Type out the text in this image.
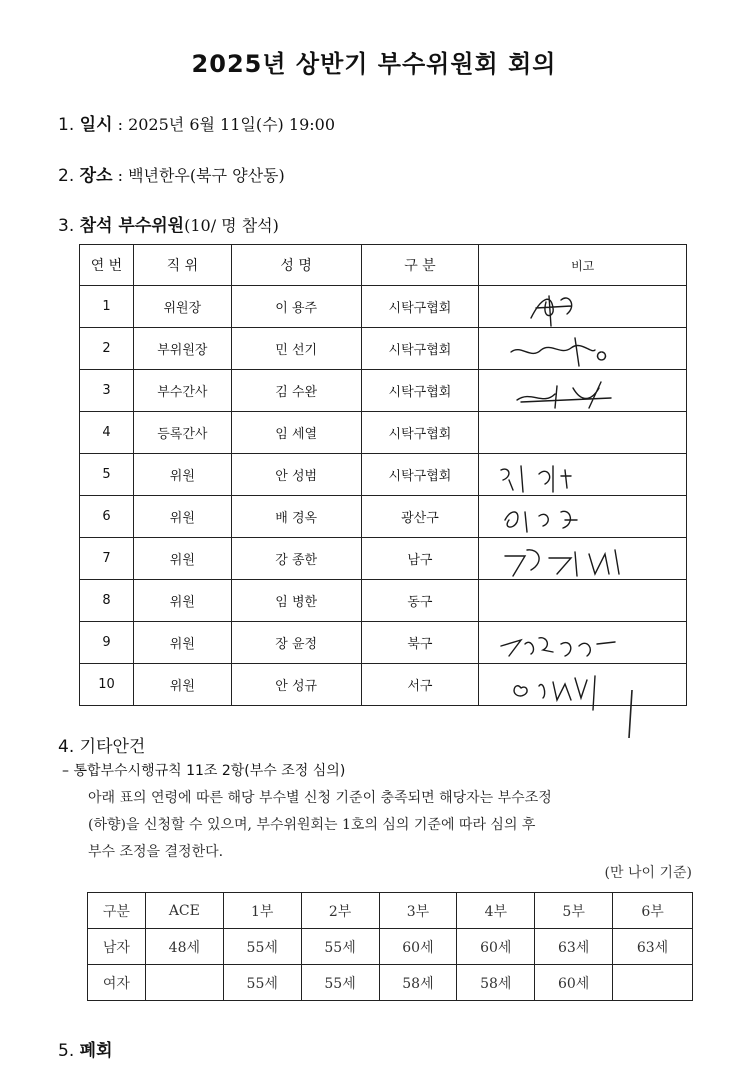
2025년 상반기 부수위원회 회의
1. 일시 : 2025년 6월 11일(수) 19:00
2. 장소 : 백년한우(북구 양산동)
3. 참석 부수위원(10/ 명 참석)
연 번	직 위	성 명	구 분	비고
1	위원장	이 용주	시탁구협회	

2	부위원장	민 선기	시탁구협회	

3	부수간사	김 수완	시탁구협회	

4	등록간사	임 세열	시탁구협회	
5	위원	안 성범	시탁구협회	

6	위원	배 경옥	광산구	

7	위원	강 종한	남구	

8	위원	임 병한	동구	
9	위원	장 윤정	북구	

10	위원	안 성규	서구	
4. 기타안건
– 통합부수시행규칙 11조 2항(부수 조정 심의)
아래 표의 연령에 따른 해당 부수별 신청 기준이 충족되면 해당자는 부수조정
(하향)을 신청할 수 있으며, 부수위원회는 1호의 심의 기준에 따라 심의 후
부수 조정을 결정한다.
(만 나이 기준)
구분	ACE	1부	2부	3부	4부	5부	6부
남자	48세	55세	55세	60세	60세	63세	63세
여자		55세	55세	58세	58세	60세	
5. 폐회
